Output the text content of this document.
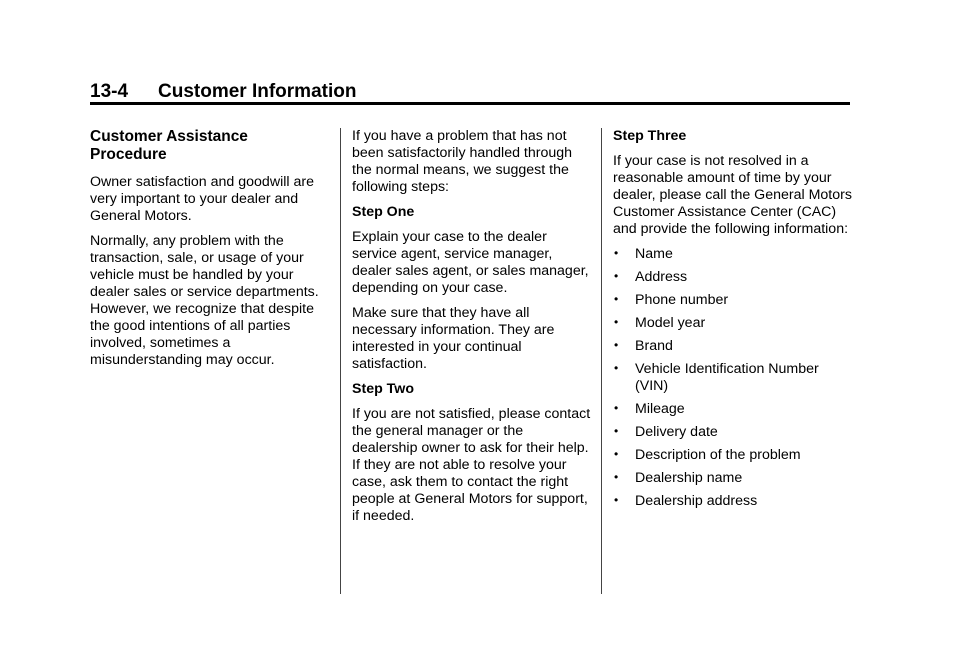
13-4 Customer Information
Customer Assistance
Procedure

Owner satisfaction and goodwill are very important to your dealer and General Motors.

Normally, any problem with the transaction, sale, or usage of your vehicle must be handled by your dealer sales or service departments. However, we recognize that despite the good intentions of all parties involved, sometimes a misunderstanding may occur.

If you have a problem that has not been satisfactorily handled through the normal means, we suggest the following steps:

Step One

Explain your case to the dealer service agent, service manager, dealer sales agent, or sales manager, depending on your case.

Make sure that they have all necessary information. They are interested in your continual satisfaction.

Step Two

If you are not satisfied, please contact the general manager or the dealership owner to ask for their help. If they are not able to resolve your case, ask them to contact the right people at General Motors for support, if needed.

Step Three

If your case is not resolved in a reasonable amount of time by your dealer, please call the General Motors Customer Assistance Center (CAC) and provide the following information:

• Name
• Address
• Phone number
• Model year
• Brand
• Vehicle Identification Number (VIN)
• Mileage
• Delivery date
• Description of the problem
• Dealership name
• Dealership address
